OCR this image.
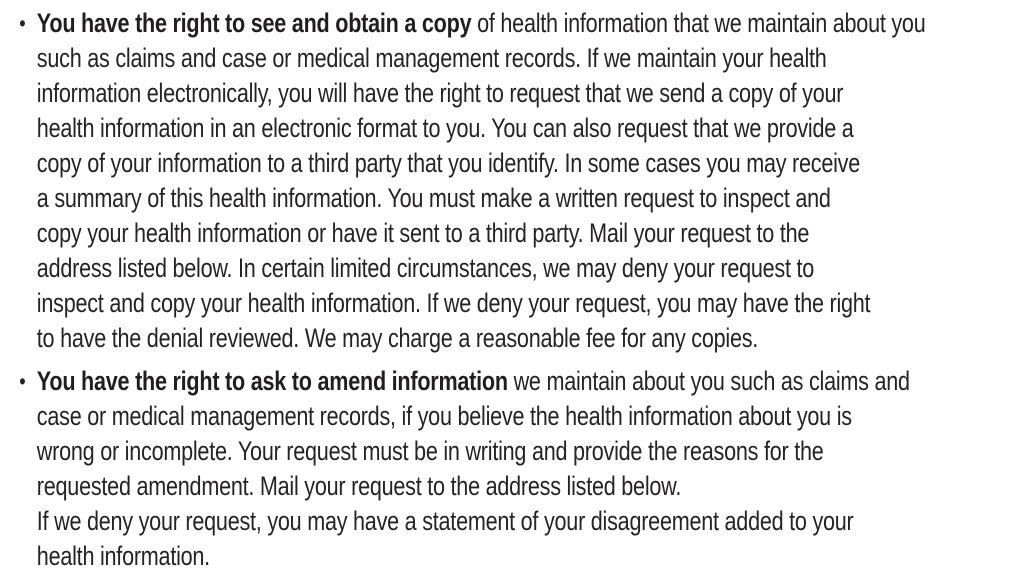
• You have the right to see and obtain a copy of health information that we maintain about you
such as claims and case or medical management records. If we maintain your health
information electronically, you will have the right to request that we send a copy of your
health information in an electronic format to you. You can also request that we provide a
copy of your information to a third party that you identify. In some cases you may receive
a summary of this health information. You must make a written request to inspect and
copy your health information or have it sent to a third party. Mail your request to the
address listed below. In certain limited circumstances, we may deny your request to
inspect and copy your health information. If we deny your request, you may have the right
to have the denial reviewed. We may charge a reasonable fee for any copies.
• You have the right to ask to amend information we maintain about you such as claims and
case or medical management records, if you believe the health information about you is
wrong or incomplete. Your request must be in writing and provide the reasons for the
requested amendment. Mail your request to the address listed below.
If we deny your request, you may have a statement of your disagreement added to your
health information.
